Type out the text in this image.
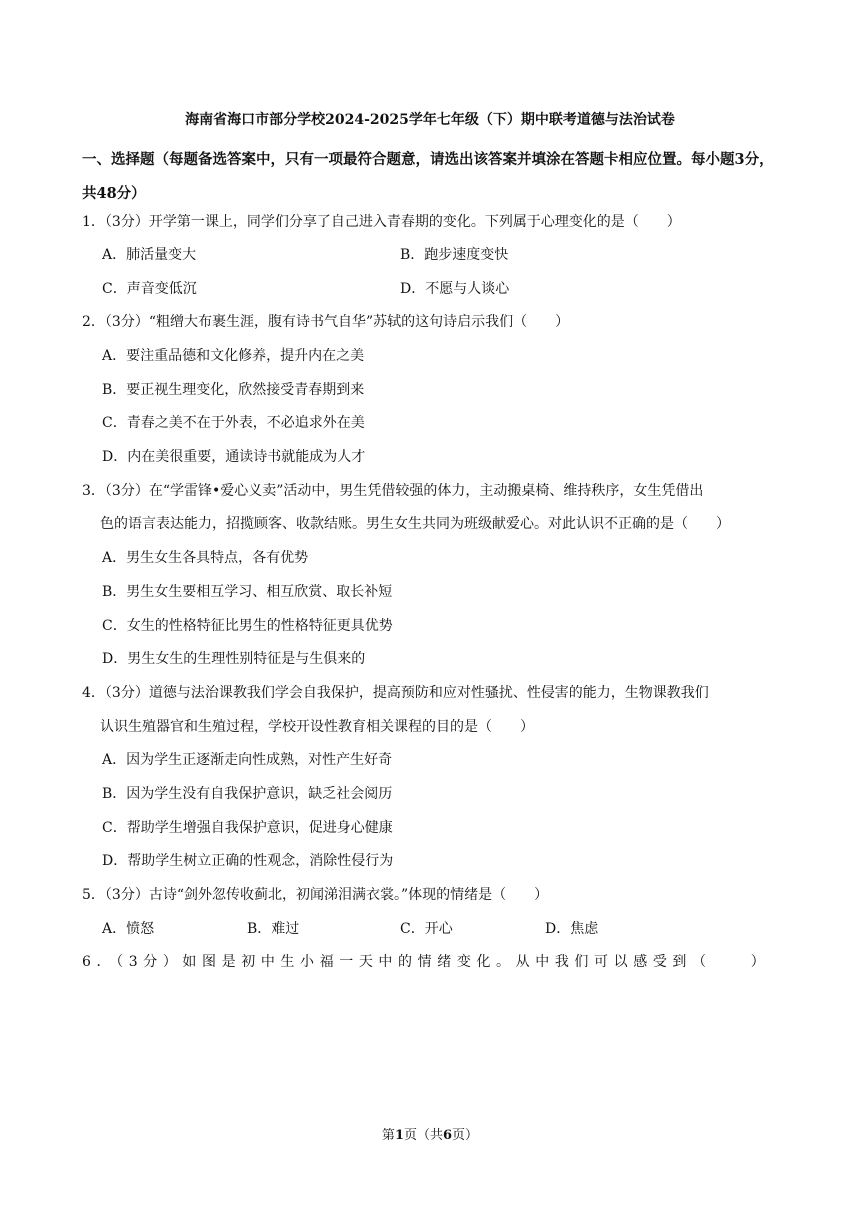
海南省海口市部分学校2024-2025学年七年级（下）期中联考道德与法治试卷
一、选择题（每题备选答案中，只有一项最符合题意，请选出该答案并填涂在答题卡相应位置。每小题3分，共48分）
1．（3分）开学第一课上，同学们分享了自己进入青春期的变化。下列属于心理变化的是（　　）
A．肺活量变大	B．跑步速度变快
C．声音变低沉	D．不愿与人谈心
2．（3分）“粗缯大布裹生涯，腹有诗书气自华”苏轼的这句诗启示我们（　　）
A．要注重品德和文化修养，提升内在之美
B．要正视生理变化，欣然接受青春期到来
C．青春之美不在于外表，不必追求外在美
D．内在美很重要，通读诗书就能成为人才
3．（3分）在“学雷锋•爱心义卖”活动中，男生凭借较强的体力，主动搬桌椅、维持秩序，女生凭借出
色的语言表达能力，招揽顾客、收款结账。男生女生共同为班级献爱心。对此认识不正确的是（　　）
A．男生女生各具特点，各有优势
B．男生女生要相互学习、相互欣赏、取长补短
C．女生的性格特征比男生的性格特征更具优势
D．男生女生的生理性别特征是与生俱来的
4．（3分）道德与法治课教我们学会自我保护，提高预防和应对性骚扰、性侵害的能力，生物课教我们
认识生殖器官和生殖过程，学校开设性教育相关课程的目的是（　　）
A．因为学生正逐渐走向性成熟，对性产生好奇
B．因为学生没有自我保护意识，缺乏社会阅历
C．帮助学生增强自我保护意识，促进身心健康
D．帮助学生树立正确的性观念，消除性侵行为
5．（3分）古诗“剑外忽传收蓟北，初闻涕泪满衣裳。”体现的情绪是（　　）
A．愤怒	B．难过	C．开心	D．焦虑
6．（3分）如图是初中生小福一天中的情绪变化。从中我们可以感受到（　　）
第1页（共6页）
